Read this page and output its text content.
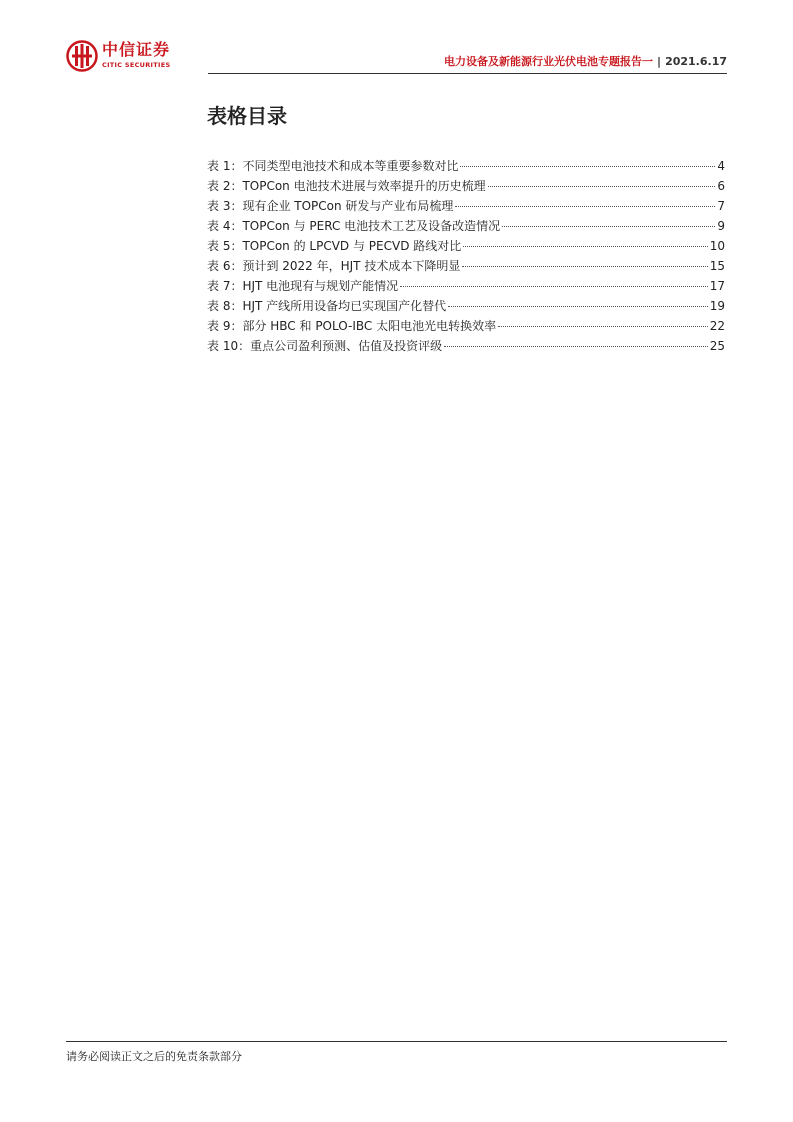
中信证券
CITIC SECURITIES	电力设备及新能源行业光伏电池专题报告一 | 2021.6.17
表格目录
表 1：不同类型电池技术和成本等重要参数对比	4
表 2：TOPCon 电池技术进展与效率提升的历史梳理	6
表 3：现有企业 TOPCon 研发与产业布局梳理	7
表 4：TOPCon 与 PERC 电池技术工艺及设备改造情况	9
表 5：TOPCon 的 LPCVD 与 PECVD 路线对比	10
表 6：预计到 2022 年，HJT 技术成本下降明显	15
表 7：HJT 电池现有与规划产能情况	17
表 8：HJT 产线所用设备均已实现国产化替代	19
表 9：部分 HBC 和 POLO-IBC 太阳电池光电转换效率	22
表 10：重点公司盈利预测、估值及投资评级	25
请务必阅读正文之后的免责条款部分
